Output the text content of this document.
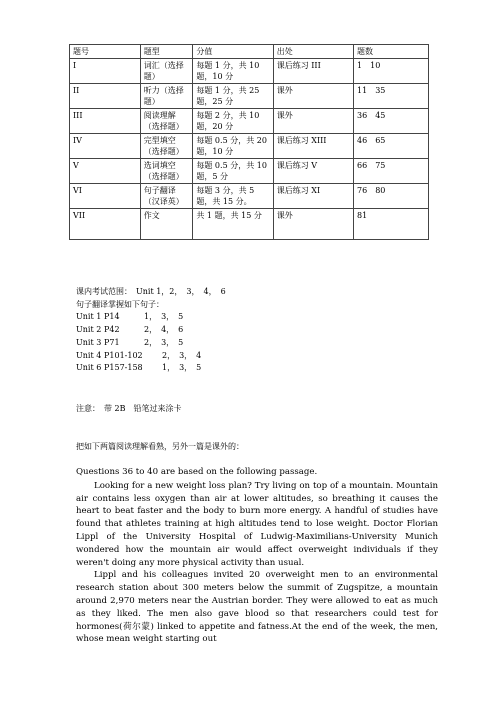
题号	题型	分值	出处	题数
I	词汇（选择题）	每题 1 分，共 10 题，10 分	课后练习 III	1　10
II	听力（选择题）	每题 1 分，共 25 题，25 分	课外	11　35
III	阅读理解（选择题）	每题 2 分，共 10 题，20 分	课外	36　45
IV	完型填空（选择题）	每题 0.5 分，共 20 题，10 分	课后练习 XIII	46　65
V	选词填空（选择题）	每题 0.5 分，共 10 题，5 分	课后练习 V	66　75
VI	句子翻译（汉译英）	每题 3 分，共 5 题，共 15 分。	课后练习 XI	76　80
VII	作文	共 1 题，共 15 分	课外	81
课内考试范围：　Unit 1，2，　3，　4，　6
句子翻译掌握如下句子：
Unit 1 P14	1，　3，　5
Unit 2 P42	2，　4，　6
Unit 3 P71	2，　3，　5
Unit 4 P101-102 2，　3，　4
Unit 6 P157-158 1，　3，　5
注意：　带 2B　铅笔过来涂卡
把如下两篇阅读理解看熟，另外一篇是课外的：

Questions 36 to 40 are based on the following passage.

Looking for a new weight loss plan? Try living on top of a mountain. Mountain air contains less oxygen than air at lower altitudes, so breathing it causes the heart to beat faster and the body to burn more energy. A handful of studies have found that athletes training at high altitudes tend to lose weight. Doctor Florian Lippl of the University Hospital of Ludwig-Maximilians-University Munich wondered how the mountain air would affect overweight individuals if they weren't doing any more physical activity than usual.

Lippl and his colleagues invited 20 overweight men to an environmental research station about 300 meters below the summit of Zugspitze, a mountain around 2,970 meters near the Austrian border. They were allowed to eat as much as they liked. The men also gave blood so that researchers could test for hormones(荷尔蒙) linked to appetite and fatness.At the end of the week, the men, whose mean weight starting out
